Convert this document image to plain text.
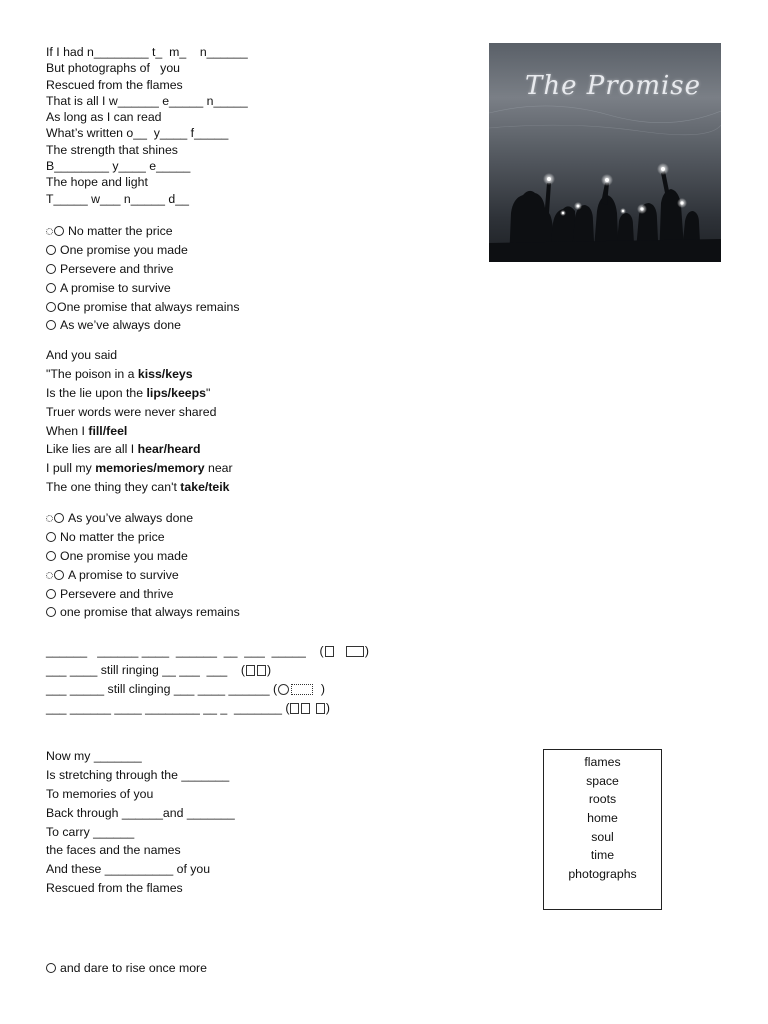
If I had n________ t_  m_    n______
But photographs of   you
Rescued from the flames
That is all I w______ e_____ n_____
As long as I can read
What’s written o__  y____ f_____
The strength that shines
B________ y____ e_____
The hope and light
T_____ w___ n_____ d__
No matter the price
One promise you made
Persevere and thrive
A promise to survive
One promise that always remains
As we’ve always done
And you said
"The poison in a kiss/keys
Is the lie upon the lips/keeps"
Truer words were never shared
When I fill/feel
Like lies are all I hear/heard
I pull my memories/memory near
The one thing they can't take/teik
As you’ve always done
No matter the price
One promise you made
A promise to survive
Persevere and thrive
one promise that always remains
______   ______ ____  ______  __  ___  _____    (	)
___ ____ still ringing __ ___  ___    ( )
___ _____ still clinging ___ ____ ______ (	)
___ ______ ____ ________ __ _  _______ (	)
Now my _______
Is stretching through the _______
To memories of you
Back through ______and _______
To carry ______
the faces and the names
And these __________ of you
Rescued from the flames
and dare to rise once more
flames
space
roots
home
soul
time
photographs
The Promise
